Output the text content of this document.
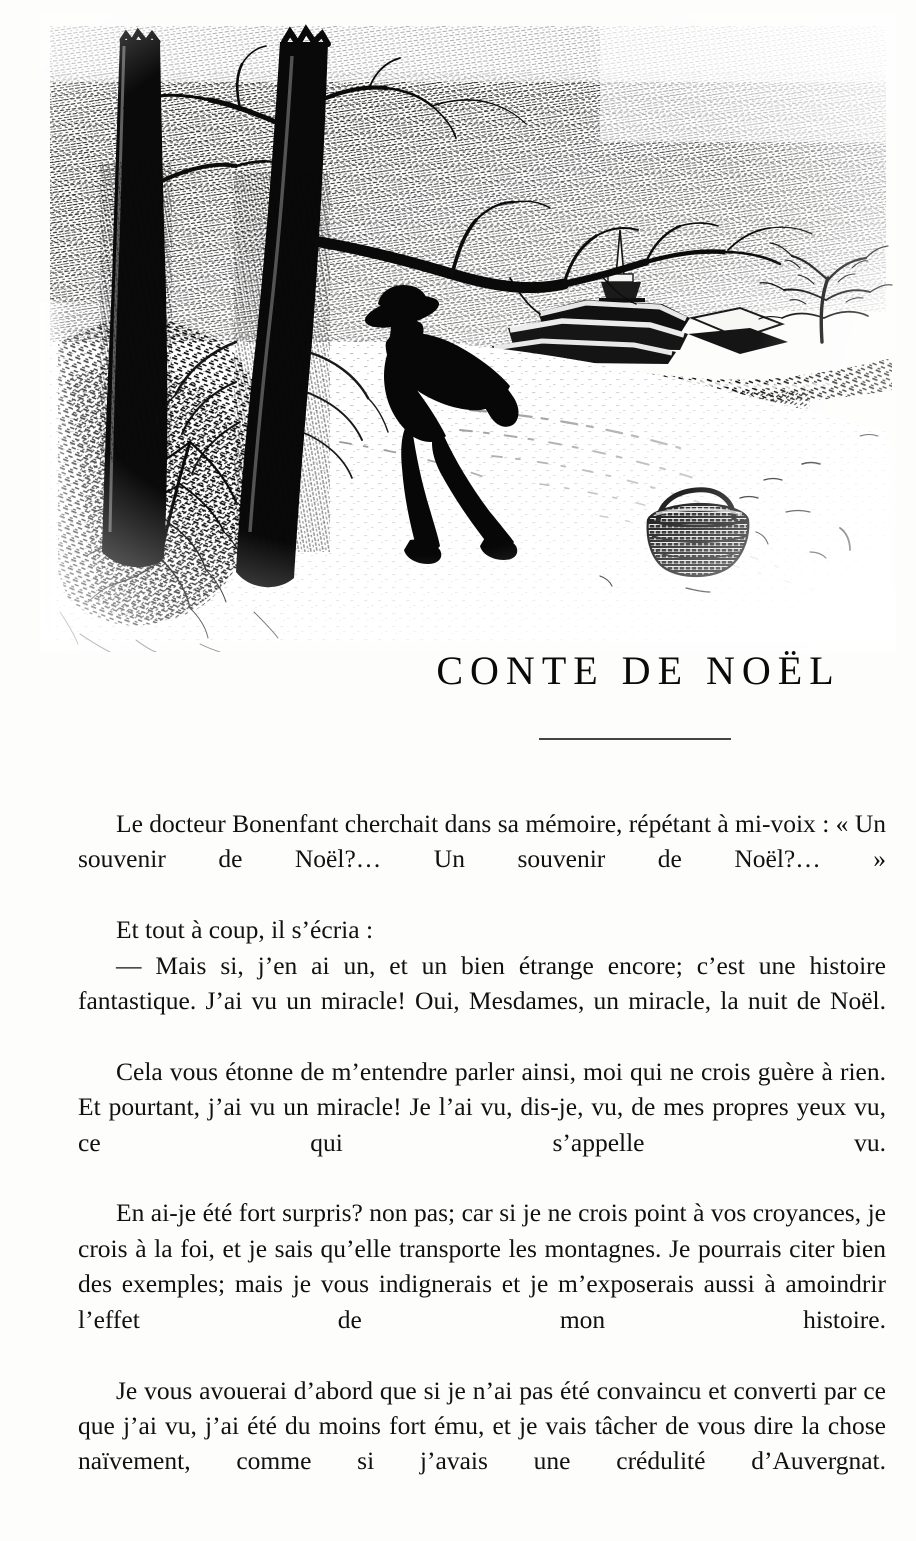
CONTE DE NOËL

Le docteur Bonenfant cherchait dans sa mémoire, répétant à mi-voix : « Un souvenir de Noël?… Un souvenir de Noël?… »

Et tout à coup, il s’écria :

— Mais si, j’en ai un, et un bien étrange encore; c’est une histoire fantastique. J’ai vu un miracle! Oui, Mesdames, un miracle, la nuit de Noël.

Cela vous étonne de m’entendre parler ainsi, moi qui ne crois guère à rien. Et pourtant, j’ai vu un miracle! Je l’ai vu, dis-je, vu, de mes propres yeux vu, ce qui s’appelle vu.

En ai-je été fort surpris? non pas; car si je ne crois point à vos croyances, je crois à la foi, et je sais qu’elle transporte les montagnes. Je pourrais citer bien des exemples; mais je vous indignerais et je m’exposerais aussi à amoindrir l’effet de mon histoire.

Je vous avouerai d’abord que si je n’ai pas été convaincu et converti par ce que j’ai vu, j’ai été du moins fort ému, et je vais tâcher de vous dire la chose naïvement, comme si j’avais une crédulité d’Auvergnat.
